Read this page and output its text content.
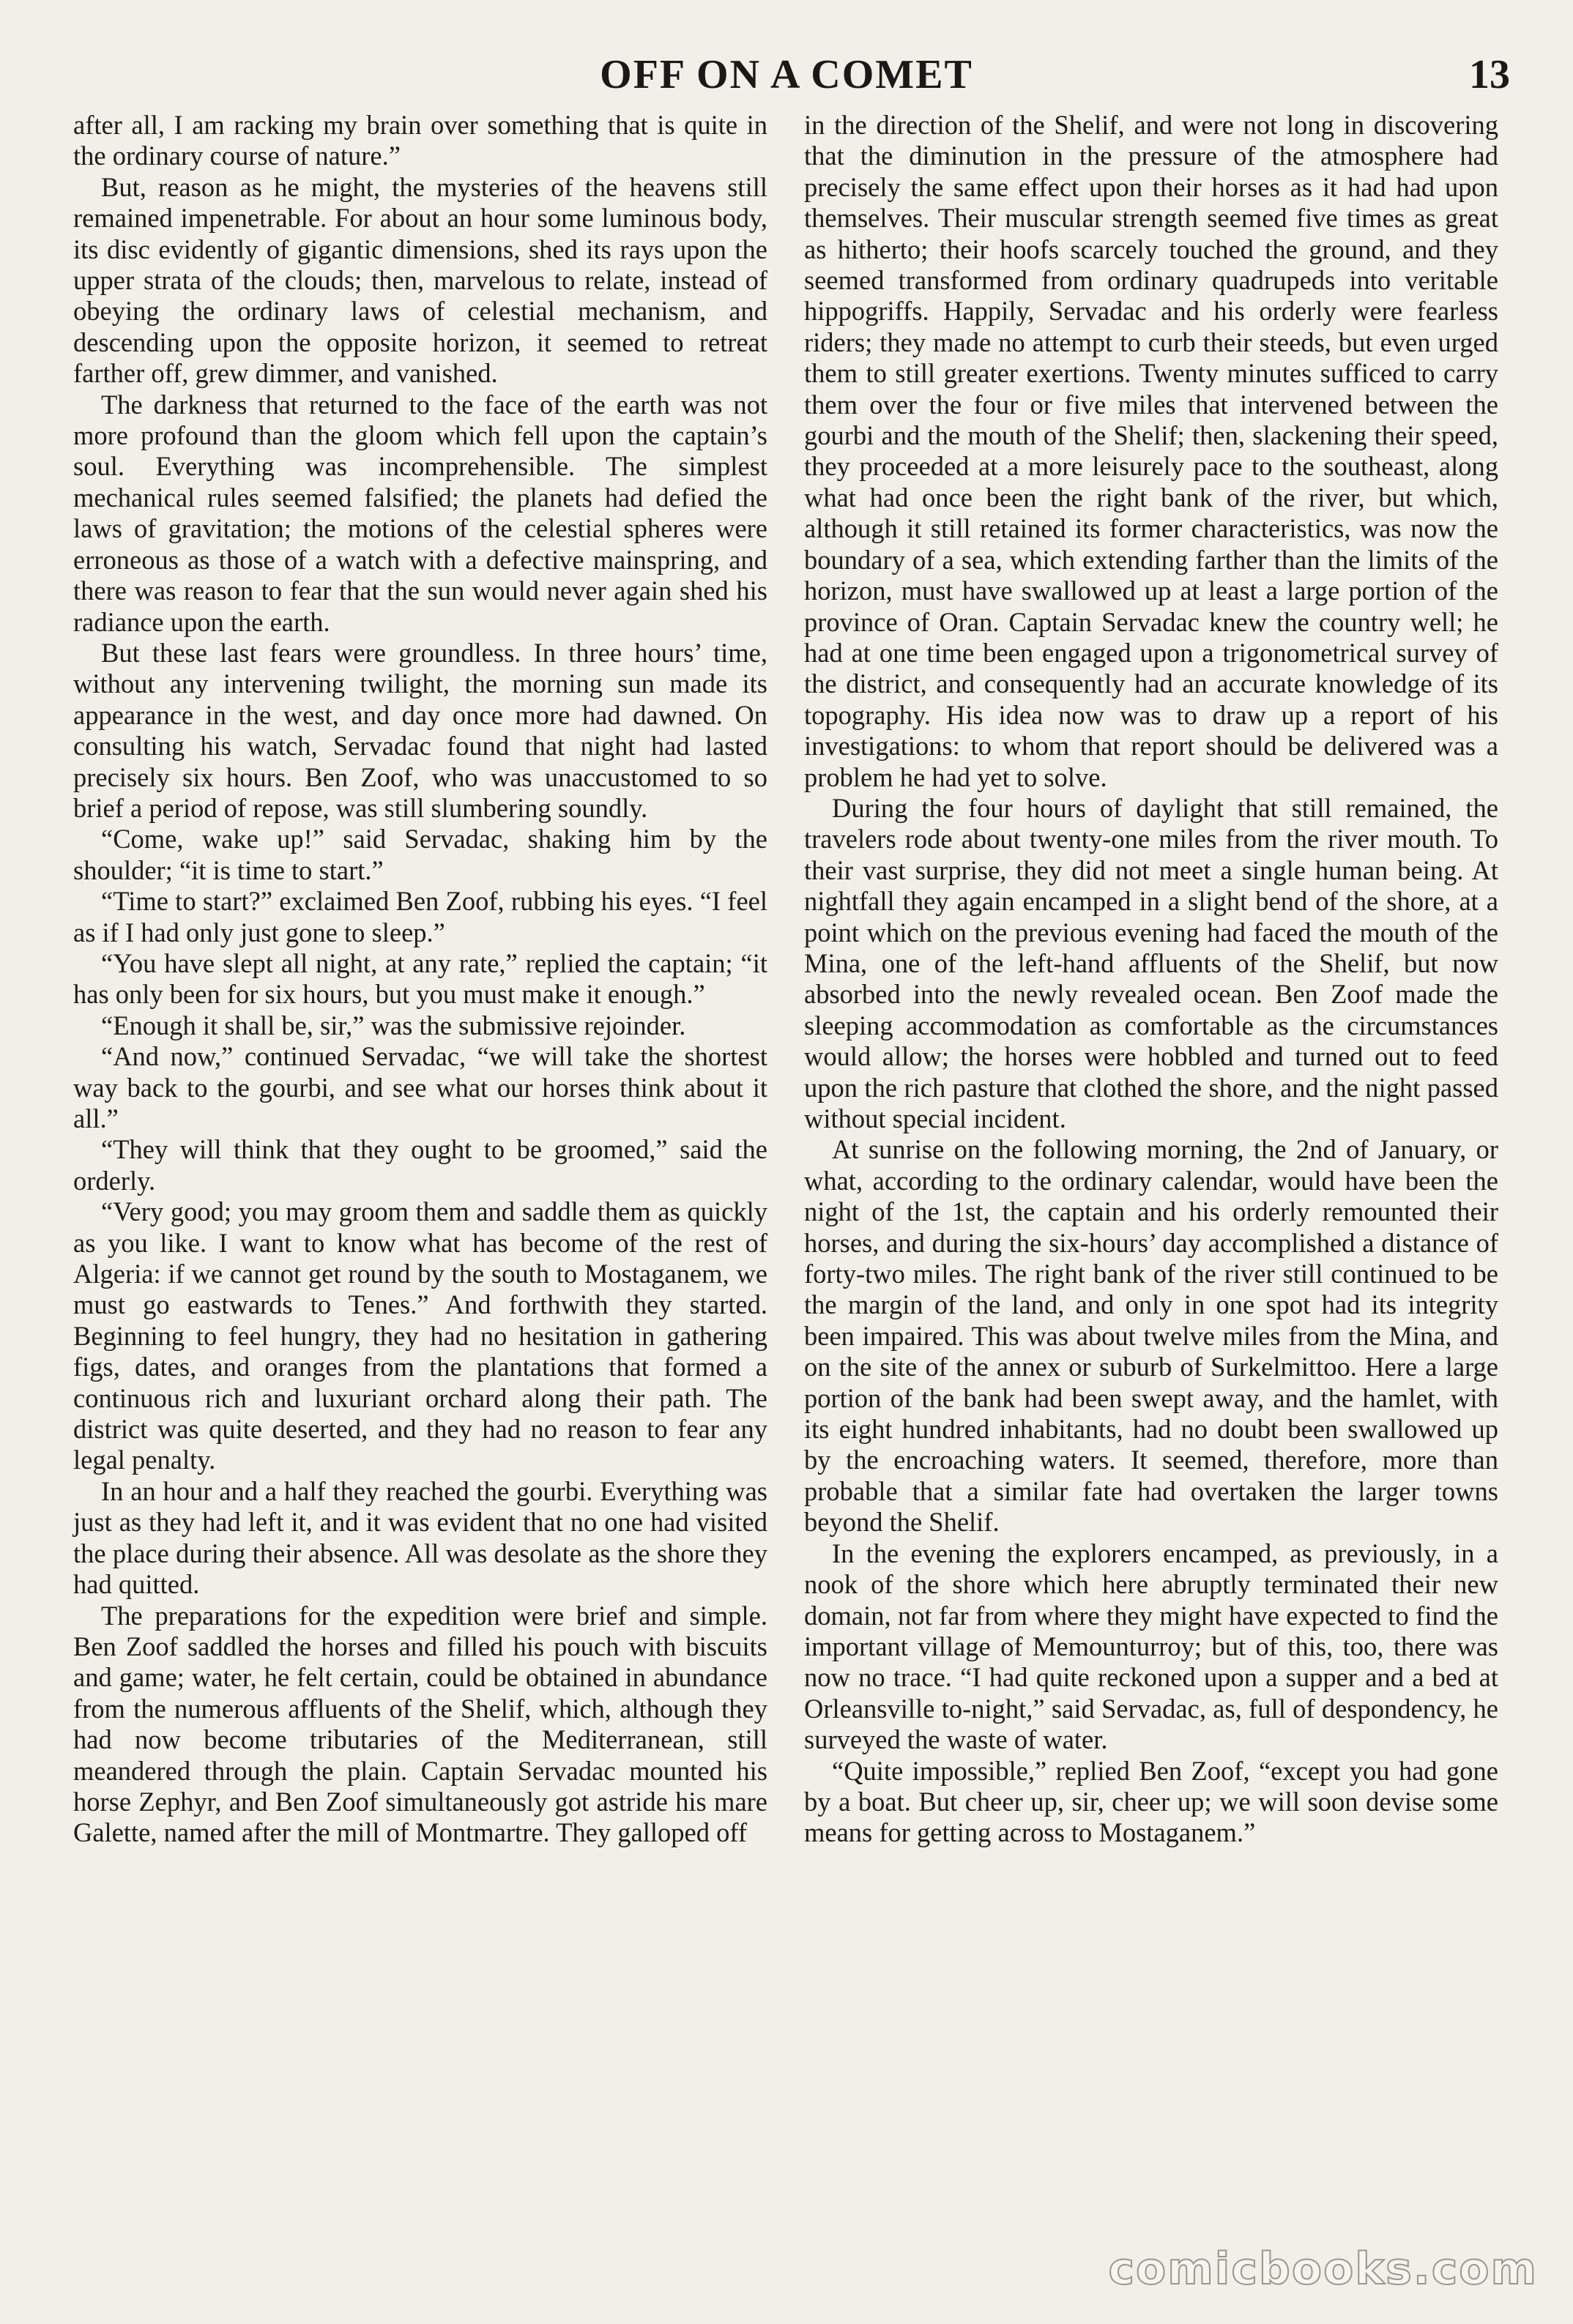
OFF ON A COMET	13

after all, I am racking my brain over something that is quite in the ordinary course of nature.”

But, reason as he might, the mysteries of the heavens still remained impenetrable. For about an hour some luminous body, its disc evidently of gigantic dimensions, shed its rays upon the upper strata of the clouds; then, marvelous to relate, instead of obeying the ordinary laws of celestial mechanism, and descending upon the opposite horizon, it seemed to retreat farther off, grew dimmer, and vanished.

The darkness that returned to the face of the earth was not more profound than the gloom which fell upon the captain’s soul. Everything was incomprehensible. The simplest mechanical rules seemed falsified; the planets had defied the laws of gravitation; the motions of the celestial spheres were erroneous as those of a watch with a defective mainspring, and there was reason to fear that the sun would never again shed his radiance upon the earth.

But these last fears were groundless. In three hours’ time, without any intervening twilight, the morning sun made its appearance in the west, and day once more had dawned. On consulting his watch, Servadac found that night had lasted precisely six hours. Ben Zoof, who was unaccustomed to so brief a period of repose, was still slumbering soundly.

“Come, wake up!” said Servadac, shaking him by the shoulder; “it is time to start.”

“Time to start?” exclaimed Ben Zoof, rubbing his eyes. “I feel as if I had only just gone to sleep.”

“You have slept all night, at any rate,” replied the captain; “it has only been for six hours, but you must make it enough.”

“Enough it shall be, sir,” was the submissive rejoinder.

“And now,” continued Servadac, “we will take the shortest way back to the gourbi, and see what our horses think about it all.”

“They will think that they ought to be groomed,” said the orderly.

“Very good; you may groom them and saddle them as quickly as you like. I want to know what has become of the rest of Algeria: if we cannot get round by the south to Mostaganem, we must go eastwards to Tenes.” And forthwith they started. Beginning to feel hungry, they had no hesitation in gathering figs, dates, and oranges from the plantations that formed a continuous rich and luxuriant orchard along their path. The district was quite deserted, and they had no reason to fear any legal penalty.

In an hour and a half they reached the gourbi. Everything was just as they had left it, and it was evident that no one had visited the place during their absence. All was desolate as the shore they had quitted.

The preparations for the expedition were brief and simple. Ben Zoof saddled the horses and filled his pouch with biscuits and game; water, he felt certain, could be obtained in abundance from the numerous affluents of the Shelif, which, although they had now become tributaries of the Mediterranean, still meandered through the plain. Captain Servadac mounted his horse Zephyr, and Ben Zoof simultaneously got astride his mare Galette, named after the mill of Montmartre. They galloped off

in the direction of the Shelif, and were not long in discovering that the diminution in the pressure of the atmosphere had precisely the same effect upon their horses as it had had upon themselves. Their muscular strength seemed five times as great as hitherto; their hoofs scarcely touched the ground, and they seemed transformed from ordinary quadrupeds into veritable hippogriffs. Happily, Servadac and his orderly were fearless riders; they made no attempt to curb their steeds, but even urged them to still greater exertions. Twenty minutes sufficed to carry them over the four or five miles that intervened between the gourbi and the mouth of the Shelif; then, slackening their speed, they proceeded at a more leisurely pace to the southeast, along what had once been the right bank of the river, but which, although it still retained its former characteristics, was now the boundary of a sea, which extending farther than the limits of the horizon, must have swallowed up at least a large portion of the province of Oran. Captain Servadac knew the country well; he had at one time been engaged upon a trigonometrical survey of the district, and consequently had an accurate knowledge of its topography. His idea now was to draw up a report of his investigations: to whom that report should be delivered was a problem he had yet to solve.

During the four hours of daylight that still remained, the travelers rode about twenty-one miles from the river mouth. To their vast surprise, they did not meet a single human being. At nightfall they again encamped in a slight bend of the shore, at a point which on the previous evening had faced the mouth of the Mina, one of the left-hand affluents of the Shelif, but now absorbed into the newly revealed ocean. Ben Zoof made the sleeping accommodation as comfortable as the circumstances would allow; the horses were hobbled and turned out to feed upon the rich pasture that clothed the shore, and the night passed without special incident.

At sunrise on the following morning, the 2nd of January, or what, according to the ordinary calendar, would have been the night of the 1st, the captain and his orderly remounted their horses, and during the six-hours’ day accomplished a distance of forty-two miles. The right bank of the river still continued to be the margin of the land, and only in one spot had its integrity been impaired. This was about twelve miles from the Mina, and on the site of the annex or suburb of Surkelmittoo. Here a large portion of the bank had been swept away, and the hamlet, with its eight hundred inhabitants, had no doubt been swallowed up by the encroaching waters. It seemed, therefore, more than probable that a similar fate had overtaken the larger towns beyond the Shelif.

In the evening the explorers encamped, as previously, in a nook of the shore which here abruptly terminated their new domain, not far from where they might have expected to find the important village of Memounturroy; but of this, too, there was now no trace. “I had quite reckoned upon a supper and a bed at Orleansville to-night,” said Servadac, as, full of despondency, he surveyed the waste of water.

“Quite impossible,” replied Ben Zoof, “except you had gone by a boat. But cheer up, sir, cheer up; we will soon devise some means for getting across to Mostaganem.”

comicbooks.com
